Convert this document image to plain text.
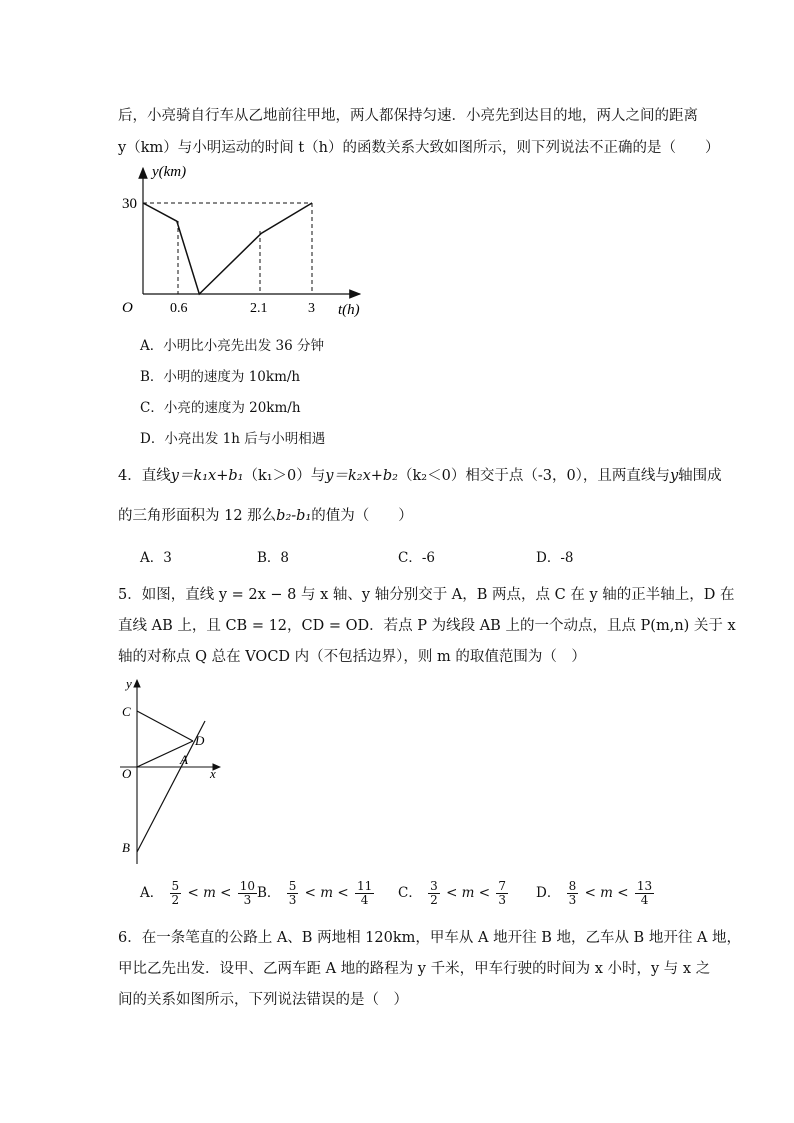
后，小亮骑自行车从乙地前往甲地，两人都保持匀速．小亮先到达目的地，两人之间的距离
y（km）与小明运动的时间 t（h）的函数关系大致如图所示，则下列说法不正确的是（　　）
y(km)
t(h)
O
30
0.6	2.1	3
A．小明比小亮先出发 36 分钟
B．小明的速度为 10km/h
C．小亮的速度为 20km/h
D．小亮出发 1h 后与小明相遇
4．直线y＝k₁x+b₁（k₁＞0）与y＝k₂x+b₂（k₂＜0）相交于点（-3，0），且两直线与y轴围成
的三角形面积为 12 那么b₂-b₁的值为（　　）
A．3	B．8	C．-6	D．-8
5．如图，直线 y = 2x − 8 与 x 轴、y 轴分别交于 A，B 两点，点 C 在 y 轴的正半轴上，D 在
直线 AB 上，且 CB = 12，CD = OD．若点 P 为线段 AB 上的一个动点，且点 P(m,n) 关于 x
轴的对称点 Q 总在 VOCD 内（不包括边界），则 m 的取值范围为（　）
y
C
D
A
O	x
B
A． $\frac{5}{2} < m < \frac{10}{3}$ B． $\frac{5}{3} < m < \frac{11}{4}$ C． $\frac{3}{2} < m < \frac{7}{3}$ D． $\frac{8}{3} < m < \frac{13}{4}$
6．在一条笔直的公路上 A、B 两地相 120km，甲车从 A 地开往 B 地，乙车从 B 地开往 A 地，
甲比乙先出发．设甲、乙两车距 A 地的路程为 y 千米，甲车行驶的时间为 x 小时，y 与 x 之
间的关系如图所示，下列说法错误的是（　）
